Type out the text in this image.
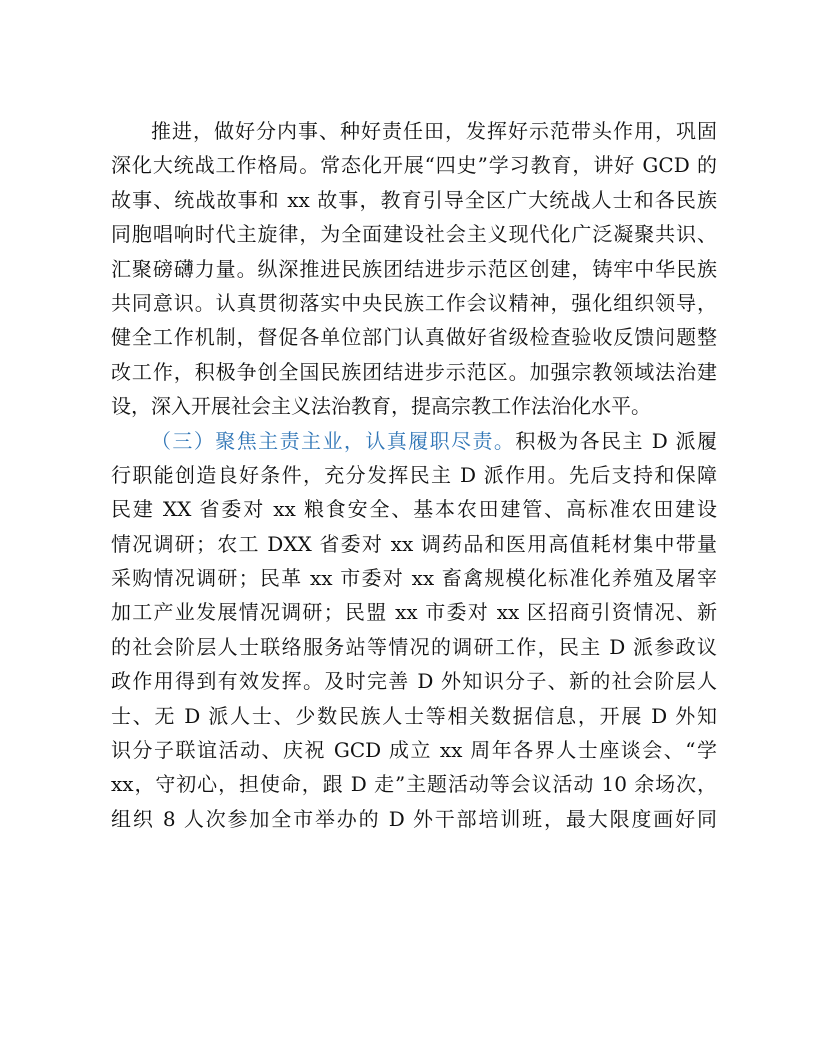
推进，做好分内事、种好责任田，发挥好示范带头作用，巩固
深化大统战工作格局。常态化开展“四史”学习教育，讲好 GCD 的
故事、统战故事和 xx 故事，教育引导全区广大统战人士和各民族
同胞唱响时代主旋律，为全面建设社会主义现代化广泛凝聚共识、
汇聚磅礴力量。纵深推进民族团结进步示范区创建，铸牢中华民族
共同意识。认真贯彻落实中央民族工作会议精神，强化组织领导，
健全工作机制，督促各单位部门认真做好省级检查验收反馈问题整
改工作，积极争创全国民族团结进步示范区。加强宗教领域法治建
设，深入开展社会主义法治教育，提高宗教工作法治化水平。
（三）聚焦主责主业，认真履职尽责。积极为各民主 D 派履
行职能创造良好条件，充分发挥民主 D 派作用。先后支持和保障
民建 XX 省委对 xx 粮食安全、基本农田建管、高标准农田建设
情况调研；农工 DXX 省委对 xx 调药品和医用高值耗材集中带量
采购情况调研；民革 xx 市委对 xx 畜禽规模化标准化养殖及屠宰
加工产业发展情况调研；民盟 xx 市委对 xx 区招商引资情况、新
的社会阶层人士联络服务站等情况的调研工作，民主 D 派参政议
政作用得到有效发挥。及时完善 D 外知识分子、新的社会阶层人
士、无 D 派人士、少数民族人士等相关数据信息，开展 D 外知
识分子联谊活动、庆祝 GCD 成立 xx 周年各界人士座谈会、“学
xx，守初心，担使命，跟 D 走”主题活动等会议活动 10 余场次，
组织 8 人次参加全市举办的 D 外干部培训班，最大限度画好同
